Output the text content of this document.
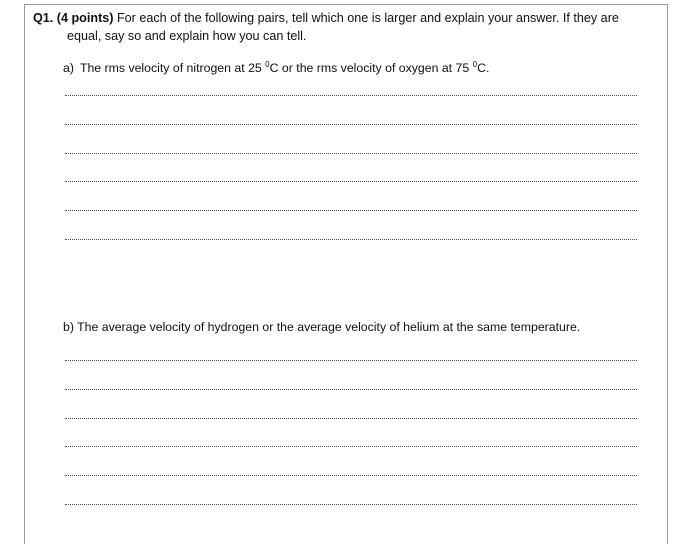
Q1. (4 points) For each of the following pairs, tell which one is larger and explain your answer. If they are
equal, say so and explain how you can tell.
a) The rms velocity of nitrogen at 25 $^0$C or the rms velocity of oxygen at 75 $^0$C.
b) The average velocity of hydrogen or the average velocity of helium at the same temperature.
